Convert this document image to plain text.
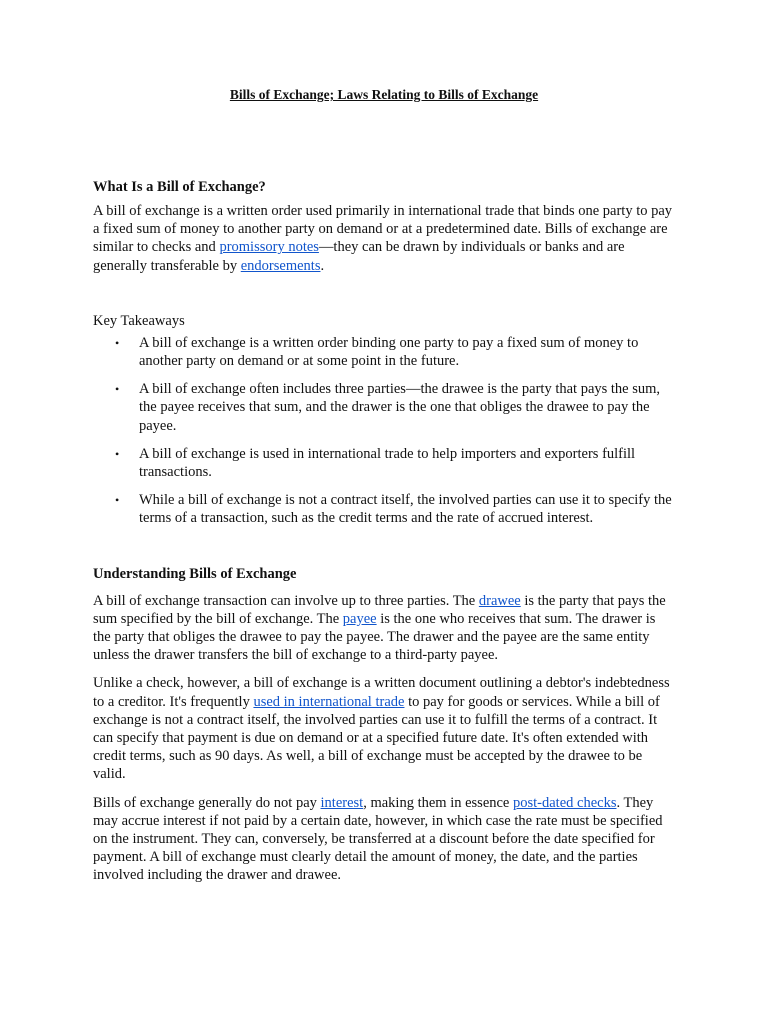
Bills of Exchange; Laws Relating to Bills of Exchange

What Is a Bill of Exchange?

A bill of exchange is a written order used primarily in international trade that binds one party to pay a fixed sum of money to another party on demand or at a predetermined date. Bills of exchange are similar to checks and promissory notes—they can be drawn by individuals or banks and are generally transferable by endorsements.

Key Takeaways

• A bill of exchange is a written order binding one party to pay a fixed sum of money to another party on demand or at some point in the future.
• A bill of exchange often includes three parties—the drawee is the party that pays the sum, the payee receives that sum, and the drawer is the one that obliges the drawee to pay the payee.
• A bill of exchange is used in international trade to help importers and exporters fulfill transactions.
• While a bill of exchange is not a contract itself, the involved parties can use it to specify the terms of a transaction, such as the credit terms and the rate of accrued interest.

Understanding Bills of Exchange

A bill of exchange transaction can involve up to three parties. The drawee is the party that pays the sum specified by the bill of exchange. The payee is the one who receives that sum. The drawer is the party that obliges the drawee to pay the payee. The drawer and the payee are the same entity unless the drawer transfers the bill of exchange to a third-party payee.

Unlike a check, however, a bill of exchange is a written document outlining a debtor's indebtedness to a creditor. It's frequently used in international trade to pay for goods or services. While a bill of exchange is not a contract itself, the involved parties can use it to fulfill the terms of a contract. It can specify that payment is due on demand or at a specified future date. It's often extended with credit terms, such as 90 days. As well, a bill of exchange must be accepted by the drawee to be valid.

Bills of exchange generally do not pay interest, making them in essence post-dated checks. They may accrue interest if not paid by a certain date, however, in which case the rate must be specified on the instrument. They can, conversely, be transferred at a discount before the date specified for payment. A bill of exchange must clearly detail the amount of money, the date, and the parties involved including the drawer and drawee.
